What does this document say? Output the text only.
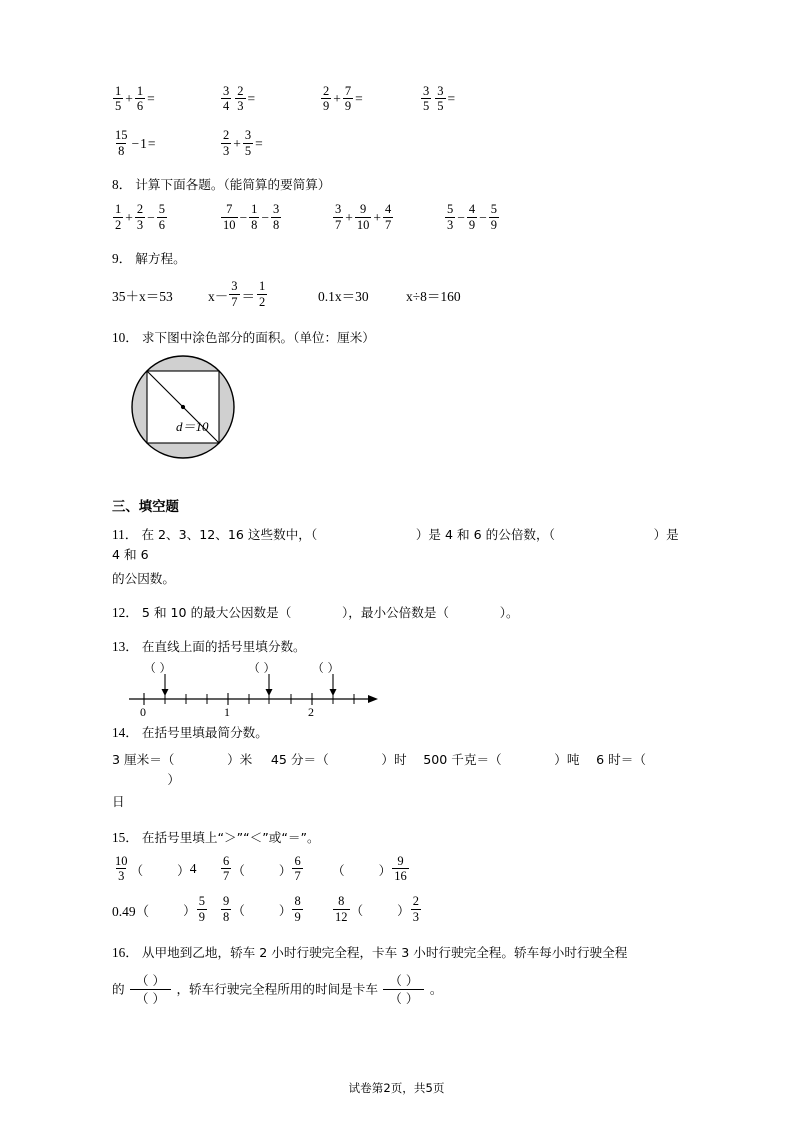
$\frac{1}{5} + \frac{1}{6}$ =	$\frac{3}{4} \frac{2}{3}$ =	$\frac{2}{9} + \frac{7}{9}$ =	$\frac{3}{5} \frac{3}{5}$ =
$\frac{15}{8} - 1$ =	$\frac{2}{3} + \frac{3}{5}$ =
8． 计算下面各题。（能简算的要简算）
$\frac{1}{2} + \frac{2}{3} - \frac{5}{6}$	$\frac{7}{10} - \frac{1}{8} - \frac{3}{8}$	$\frac{3}{7} + \frac{9}{10} + \frac{4}{7}$	$\frac{5}{3} - \frac{4}{9} - \frac{5}{9}$
9． 解方程。
35＋x＝53	$x- \frac{3}{7} = \frac{1}{2}$	0.1x＝30	x÷8＝160
10． 求下图中涂色部分的面积。（单位：厘米）
d＝10
三、填空题
11． 在 2、3、12、16 这些数中，（	）是 4 和 6 的公倍数，（	）是 4 和 6
的公因数。
12． 5 和 10 的最大公因数是（	），最小公倍数是（	）。
13． 在直线上面的括号里填分数。
（ ）	（ ）	（ ）
0	1	2
14． 在括号里填最简分数。
3 厘米＝（	）米 45 分＝（	）时 500 千克＝（	）吨 6 时＝（  ）
日
15． 在括号里填上“＞”“＜”或“＝”。
$\frac{10}{3}$ （	） $4 \frac{6}{7}$ （	） $\frac{6}{7}$ （	） $\frac{9}{16}$
0.49（	） $\frac{5}{9} \frac{9}{8}$ （	） $\frac{8}{9} \frac{8}{12}$ （	） $\frac{2}{3}$
16． 从甲地到乙地，轿车 2 小时行驶完全程，卡车 3 小时行驶完全程。轿车每小时行驶全程
的
（ ）
（ ）
，轿车行驶完全程所用的时间是卡车
（ ）
（ ）
。
试卷第2页，共5页
